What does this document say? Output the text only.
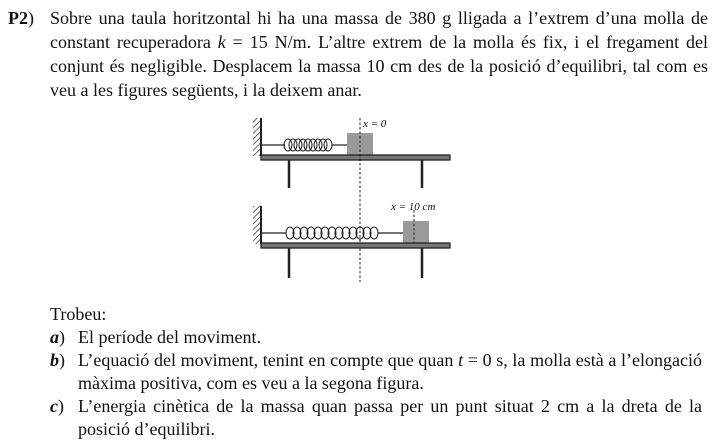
P2) Sobre una taula horitzontal hi ha una massa de 380 g lligada a l’extrem d’una molla de constant recuperadora k = 15 N/m. L’altre extrem de la molla és fix, i el fregament del conjunt és negligible. Desplacem la massa 10 cm des de la posició d’equilibri, tal com es veu a les figures següents, i la deixem anar.
x = 0
x = 10 cm

Trobeu:

a) El període del moviment.
b) L’equació del moviment, tenint en compte que quan t = 0 s, la molla està a l’elongació màxima positiva, com es veu a la segona figura.
c) L’energia cinètica de la massa quan passa per un punt situat 2 cm a la dreta de la posició d’equilibri.
